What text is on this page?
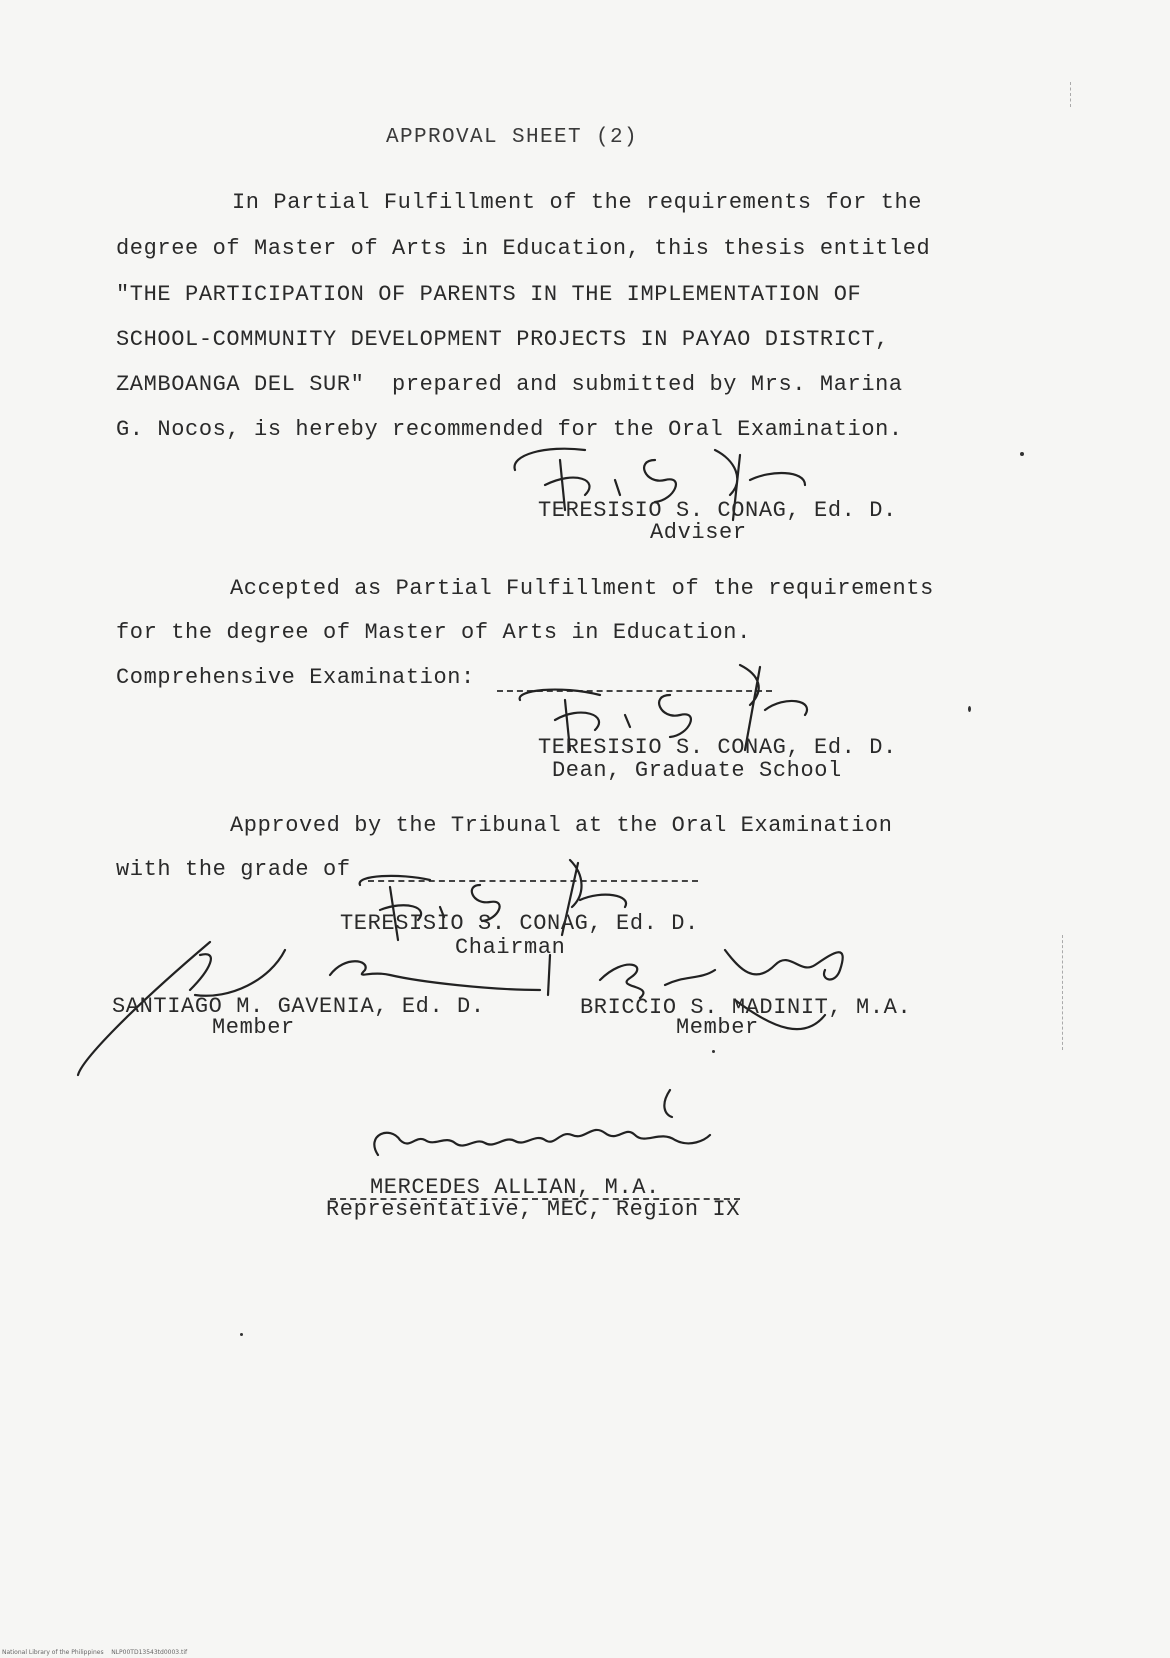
APPROVAL SHEET (2)
In Partial Fulfillment of the requirements for the
degree of Master of Arts in Education, this thesis entitled
"THE PARTICIPATION OF PARENTS IN THE IMPLEMENTATION OF
SCHOOL-COMMUNITY DEVELOPMENT PROJECTS IN PAYAO DISTRICT,
ZAMBOANGA DEL SUR"  prepared and submitted by Mrs. Marina
G. Nocos, is hereby recommended for the Oral Examination.
TERESISIO S. CONAG, Ed. D.
Adviser
Accepted as Partial Fulfillment of the requirements
for the degree of Master of Arts in Education.
Comprehensive Examination:
TERESISIO S. CONAG, Ed. D.
Dean, Graduate School
Approved by the Tribunal at the Oral Examination
with the grade of
TERESISIO S. CONAG, Ed. D.
Chairman
SANTIAGO M. GAVENIA, Ed. D.
Member
BRICCIO S. MADINIT, M.A.
Member
MERCEDES ALLIAN, M.A.
Representative, MEC, Region IX
National Library of the Philippines    NLP00TD13543td0003.tif
